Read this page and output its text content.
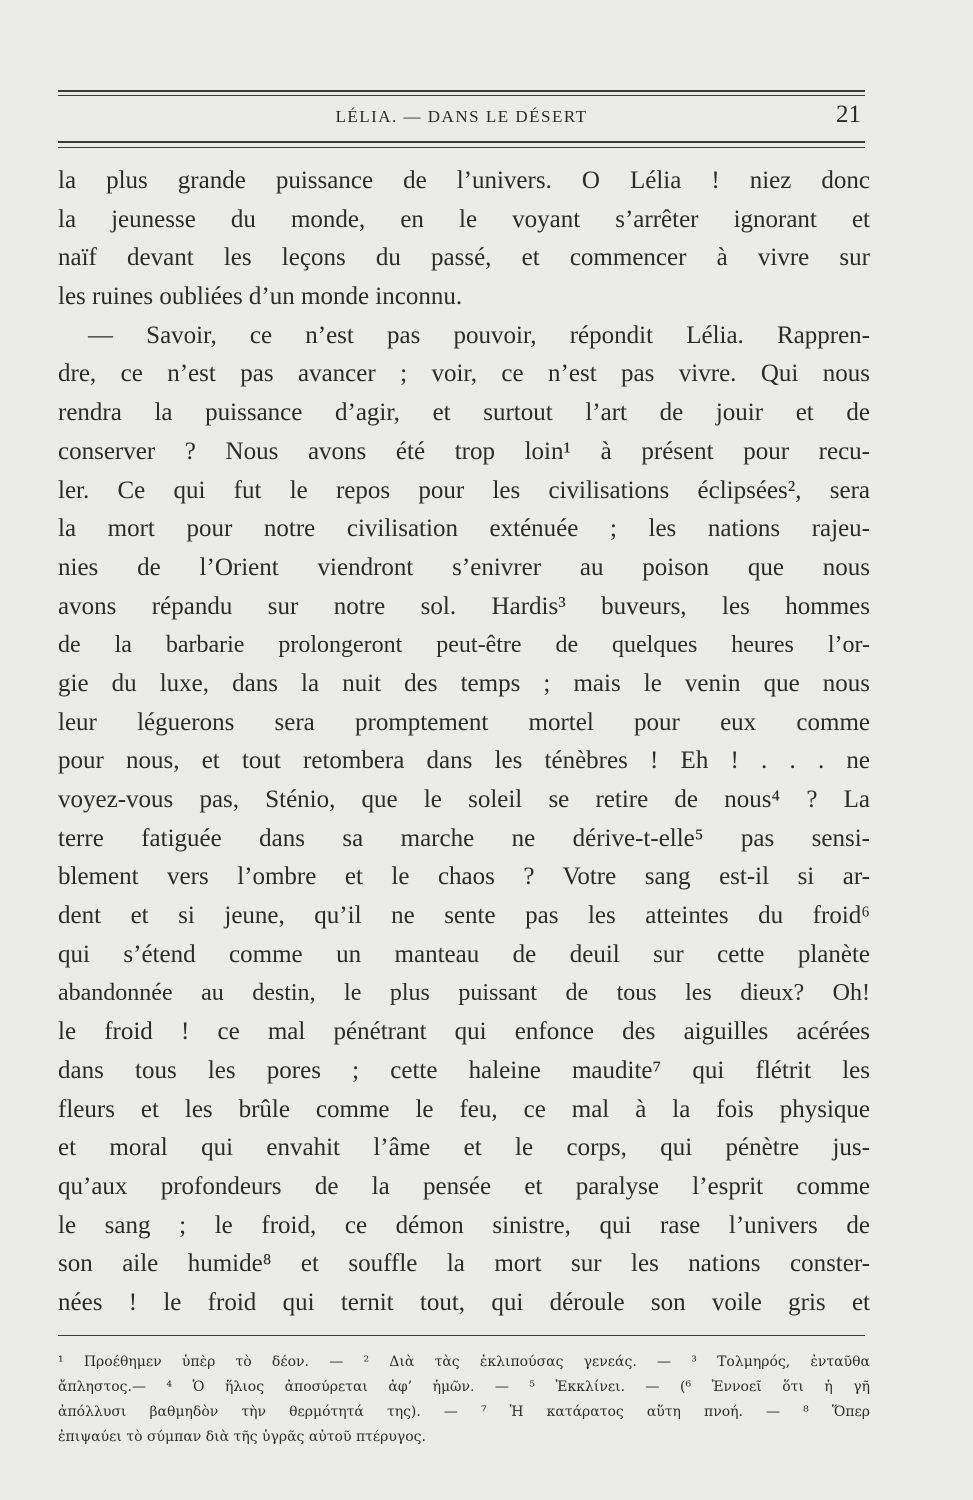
LÉLIA. — DANS LE DÉSERT	21
la plus grande puissance de l’univers. O Lélia ! niez donc
la jeunesse du monde, en le voyant s’arrêter ignorant et
naïf devant les leçons du passé, et commencer à vivre sur
les ruines oubliées d’un monde inconnu.
— Savoir, ce n’est pas pouvoir, répondit Lélia. Rappren-
dre, ce n’est pas avancer ; voir, ce n’est pas vivre. Qui nous
rendra la puissance d’agir, et surtout l’art de jouir et de
conserver ? Nous avons été trop loin¹ à présent pour recu-
ler. Ce qui fut le repos pour les civilisations éclipsées², sera
la mort pour notre civilisation exténuée ; les nations rajeu-
nies de l’Orient viendront s’enivrer au poison que nous
avons répandu sur notre sol. Hardis³ buveurs, les hommes
de la barbarie prolongeront peut-être de quelques heures l’or-
gie du luxe, dans la nuit des temps ; mais le venin que nous
leur léguerons sera promptement mortel pour eux comme
pour nous, et tout retombera dans les ténèbres ! Eh ! . . . ne
voyez-vous pas, Sténio, que le soleil se retire de nous⁴ ? La
terre fatiguée dans sa marche ne dérive-t-elle⁵ pas sensi-
blement vers l’ombre et le chaos ? Votre sang est-il si ar-
dent et si jeune, qu’il ne sente pas les atteintes du froid⁶
qui s’étend comme un manteau de deuil sur cette planète
abandonnée au destin, le plus puissant de tous les dieux? Oh!
le froid ! ce mal pénétrant qui enfonce des aiguilles acérées
dans tous les pores ; cette haleine maudite⁷ qui flétrit les
fleurs et les brûle comme le feu, ce mal à la fois physique
et moral qui envahit l’âme et le corps, qui pénètre jus-
qu’aux profondeurs de la pensée et paralyse l’esprit comme
le sang ; le froid, ce démon sinistre, qui rase l’univers de
son aile humide⁸ et souffle la mort sur les nations conster-
nées ! le froid qui ternit tout, qui déroule son voile gris et
¹ Προέθημεν ὑπὲρ τὸ δέον. — ² Διὰ τὰς ἐκλιπούσας γενεάς. — ³ Τολμηρός, ἐνταῦθα
ἄπληστος.— ⁴ Ὁ ἥλιος ἀποσύρεται ἀφ’ ἡμῶν. — ⁵ Ἐκκλίνει. — (⁶ Ἐννοεῖ ὅτι ἡ γῆ
ἀπόλλυσι βαθμηδὸν τὴν θερμότητά της). — ⁷ Ἡ κατάρατος αὕτη πνοή. — ⁸ Ὅπερ
ἐπιψαύει τὸ σύμπαν διὰ τῆς ὑγρᾶς αὐτοῦ πτέρυγος.
